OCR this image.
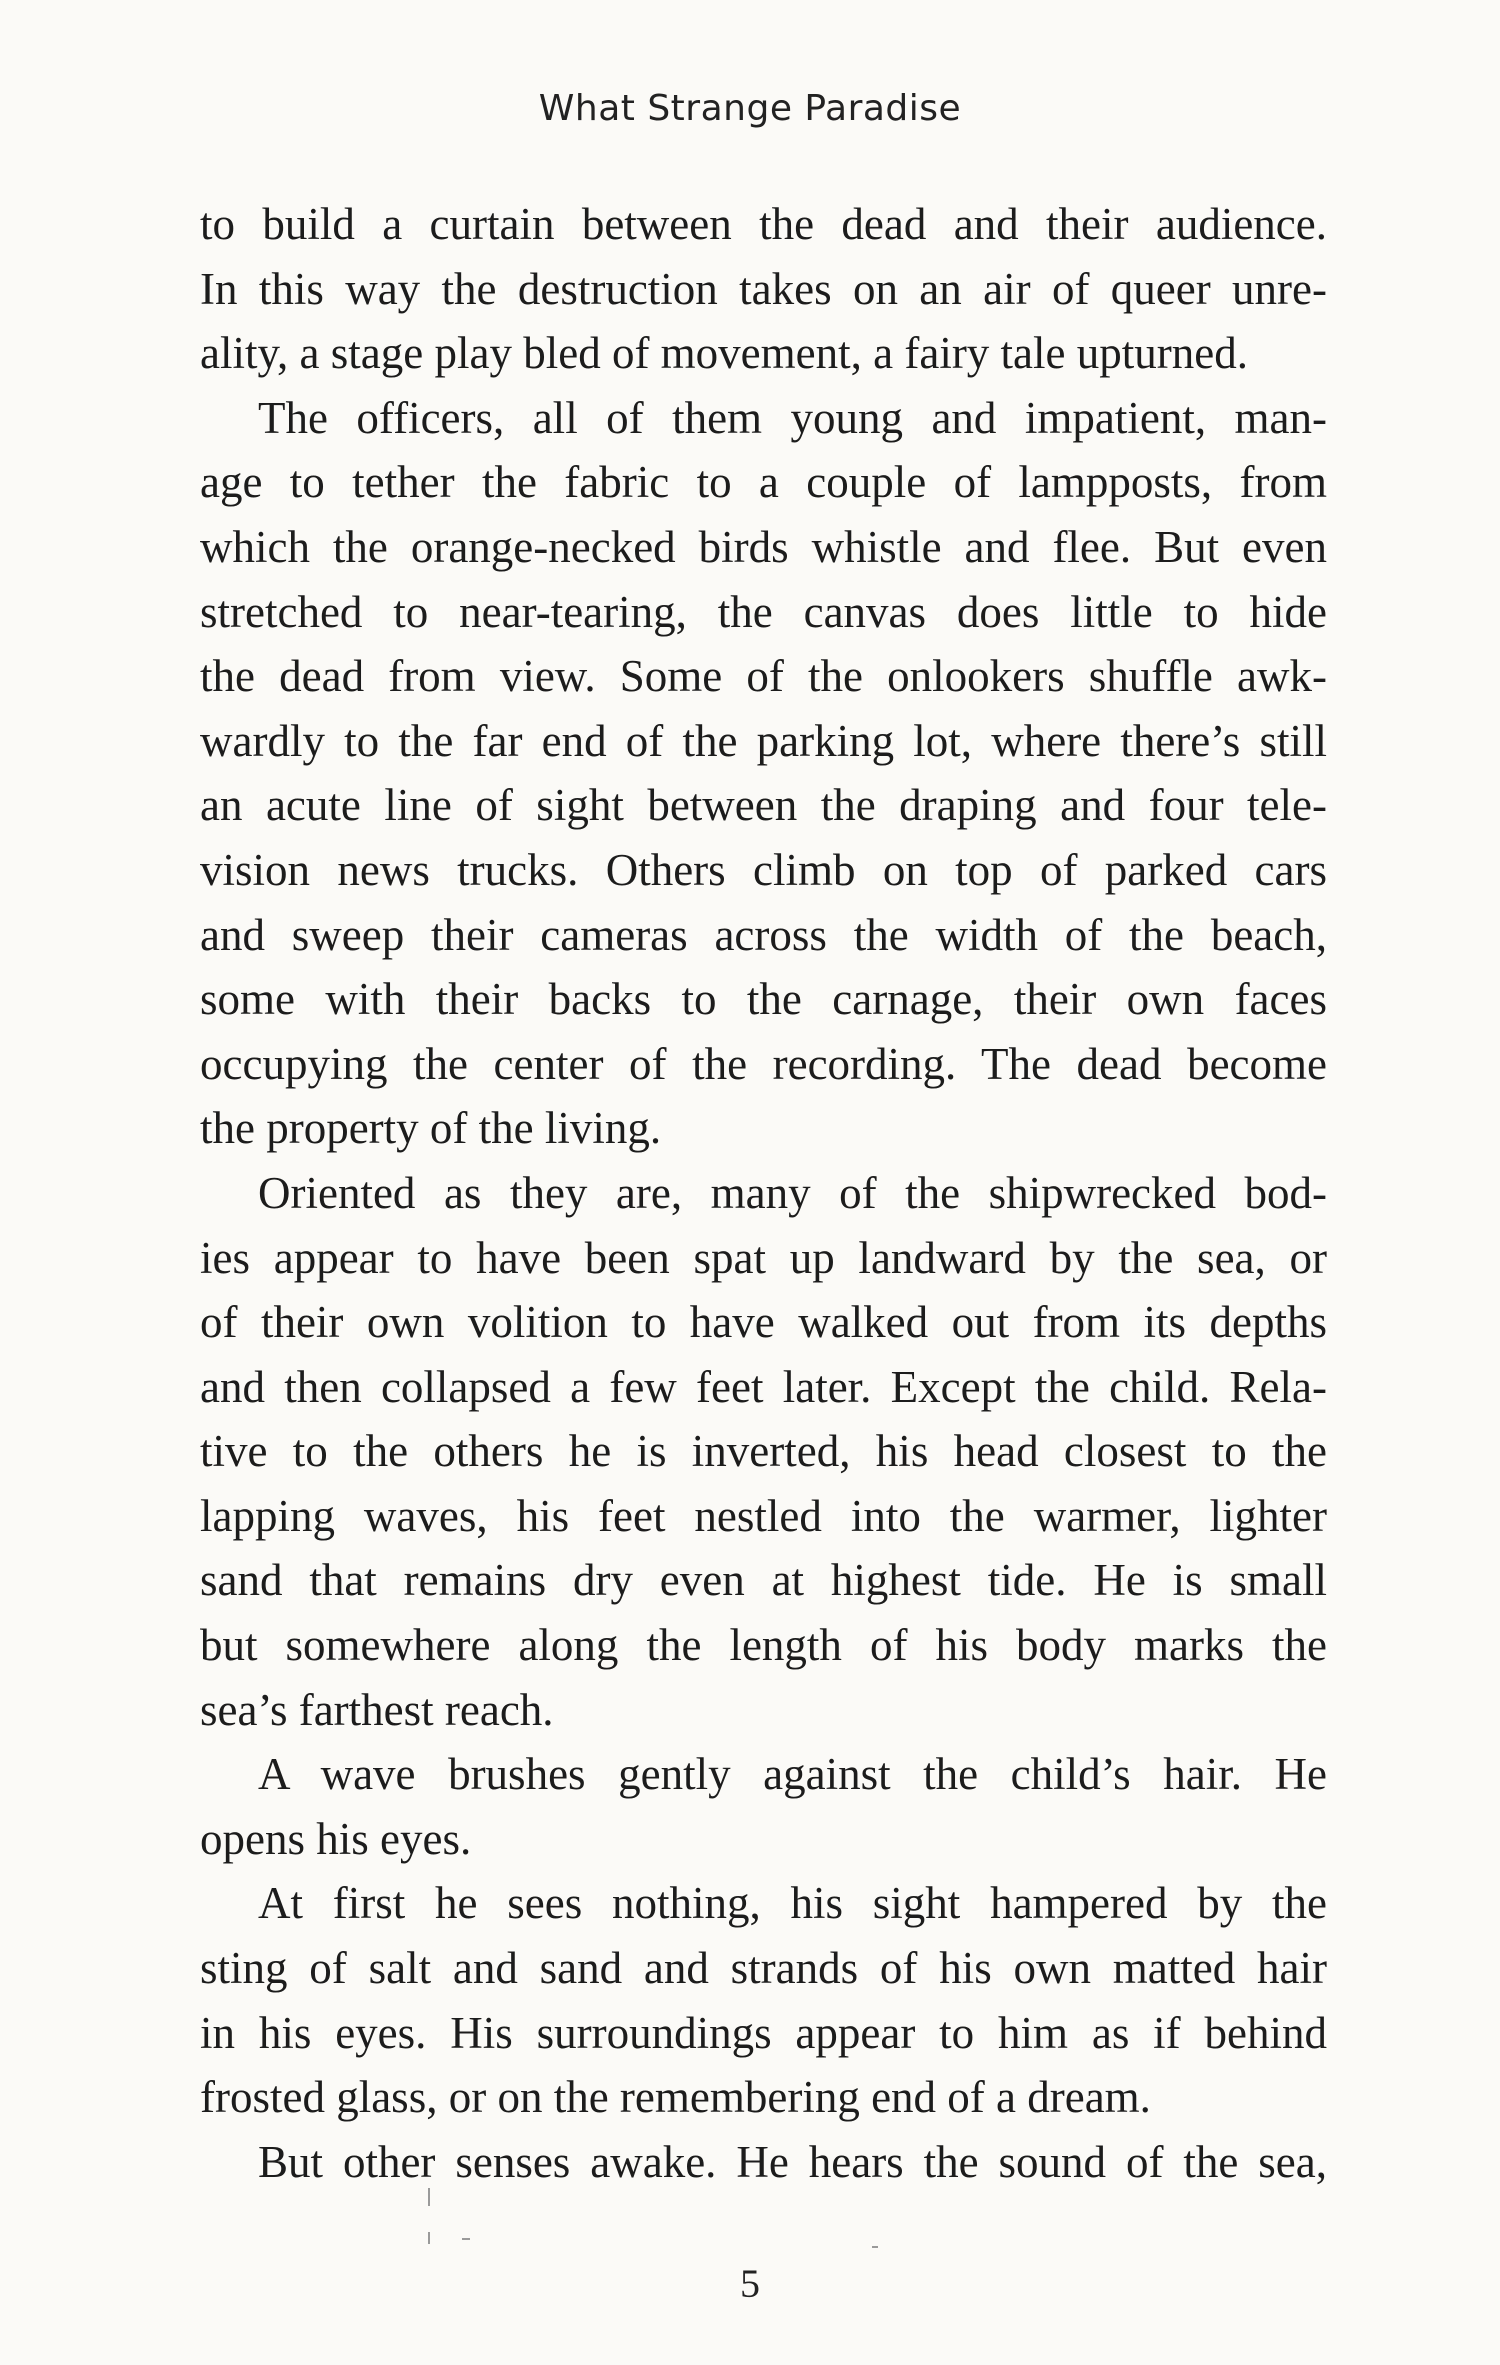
What Strange Paradise
to build a curtain between the dead and their audience.
In this way the destruction takes on an air of queer unre-
ality, a stage play bled of movement, a fairy tale upturned.
The officers, all of them young and impatient, man-
age to tether the fabric to a couple of lampposts, from
which the orange-necked birds whistle and flee. But even
stretched to near-tearing, the canvas does little to hide
the dead from view. Some of the onlookers shuffle awk-
wardly to the far end of the parking lot, where there’s still
an acute line of sight between the draping and four tele-
vision news trucks. Others climb on top of parked cars
and sweep their cameras across the width of the beach,
some with their backs to the carnage, their own faces
occupying the center of the recording. The dead become
the property of the living.
Oriented as they are, many of the shipwrecked bod-
ies appear to have been spat up landward by the sea, or
of their own volition to have walked out from its depths
and then collapsed a few feet later. Except the child. Rela-
tive to the others he is inverted, his head closest to the
lapping waves, his feet nestled into the warmer, lighter
sand that remains dry even at highest tide. He is small
but somewhere along the length of his body marks the
sea’s farthest reach.
A wave brushes gently against the child’s hair. He
opens his eyes.
At first he sees nothing, his sight hampered by the
sting of salt and sand and strands of his own matted hair
in his eyes. His surroundings appear to him as if behind
frosted glass, or on the remembering end of a dream.
But other senses awake. He hears the sound of the sea,
5
